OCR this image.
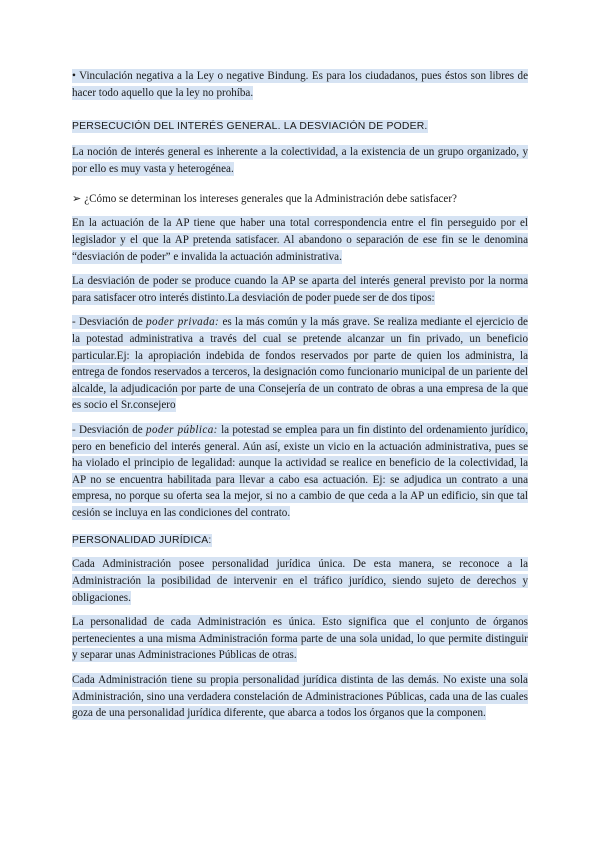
• Vinculación negativa a la Ley o negative Bindung. Es para los ciudadanos, pues éstos son libres de hacer todo aquello que la ley no prohíba.

PERSECUCIÓN DEL INTERÉS GENERAL. LA DESVIACIÓN DE PODER.

La noción de interés general es inherente a la colectividad, a la existencia de un grupo organizado, y por ello es muy vasta y heterogénea.

➢ ¿Cómo se determinan los intereses generales que la Administración debe satisfacer?

En la actuación de la AP tiene que haber una total correspondencia entre el fin perseguido por el legislador y el que la AP pretenda satisfacer. Al abandono o separación de ese fin se le denomina “desviación de poder” e invalida la actuación administrativa.

La desviación de poder se produce cuando la AP se aparta del interés general previsto por la norma para satisfacer otro interés distinto.La desviación de poder puede ser de dos tipos:

- Desviación de poder privada: es la más común y la más grave. Se realiza mediante el ejercicio de la potestad administrativa a través del cual se pretende alcanzar un fin privado, un beneficio particular.Ej: la apropiación indebida de fondos reservados por parte de quien los administra, la entrega de fondos reservados a terceros, la designación como funcionario municipal de un pariente del alcalde, la adjudicación por parte de una Consejería de un contrato de obras a una empresa de la que es socio el Sr.consejero

- Desviación de poder pública: la potestad se emplea para un fin distinto del ordenamiento jurídico, pero en beneficio del interés general. Aún así, existe un vicio en la actuación administrativa, pues se ha violado el principio de legalidad: aunque la actividad se realice en beneficio de la colectividad, la AP no se encuentra habilitada para llevar a cabo esa actuación. Ej: se adjudica un contrato a una empresa, no porque su oferta sea la mejor, si no a cambio de que ceda a la AP un edificio, sin que tal cesión se incluya en las condiciones del contrato.

PERSONALIDAD JURÍDICA:

Cada Administración posee personalidad jurídica única. De esta manera, se reconoce a la Administración la posibilidad de intervenir en el tráfico jurídico, siendo sujeto de derechos y obligaciones.

La personalidad de cada Administración es única. Esto significa que el conjunto de órganos pertenecientes a una misma Administración forma parte de una sola unidad, lo que permite distinguir y separar unas Administraciones Públicas de otras.

Cada Administración tiene su propia personalidad jurídica distinta de las demás. No existe una sola Administración, sino una verdadera constelación de Administraciones Públicas, cada una de las cuales goza de una personalidad jurídica diferente, que abarca a todos los órganos que la componen.
